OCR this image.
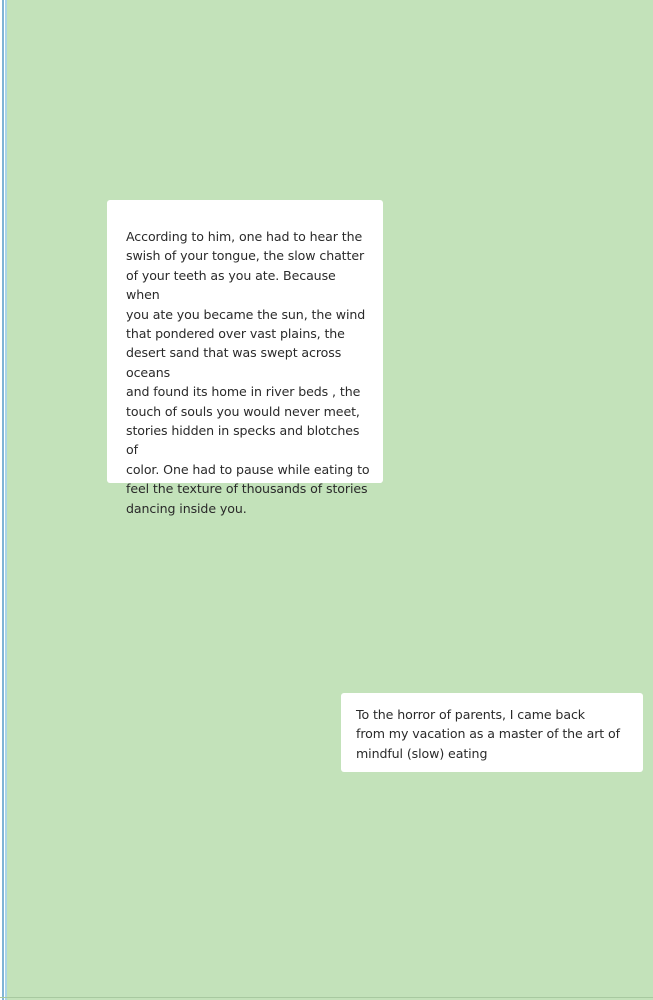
According to him, one had to hear the
swish of your tongue, the slow chatter
of your teeth as you ate. Because when
you ate you became the sun, the wind
that pondered over vast plains, the
desert sand that was swept across oceans
and found its home in river beds , the
touch of souls you would never meet,
stories hidden in specks and blotches of
color. One had to pause while eating to
feel the texture of thousands of stories
dancing inside you.

To the horror of parents, I came back
from my vacation as a master of the art of
mindful (slow) eating
